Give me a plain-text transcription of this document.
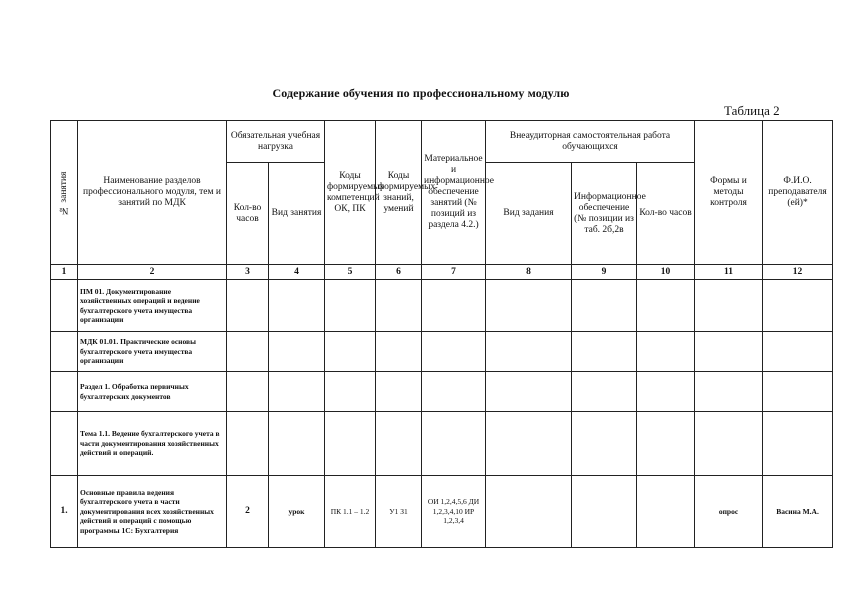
Содержание обучения по профессиональному модулю
Таблица 2
№ занятия	Наименование разделов профессионального модуля, тем и занятий по МДК	Обязательная учебная нагрузка		Коды формируемых компетенций ОК, ПК	Коды формируемых знаний, умений	Материальное и информационное обеспечение занятий (№ позиций из раздела 4.2.)	Внеаудиторная самостоятельная работа обучающихся			Формы и методы контроля	Ф.И.О. преподавателя (ей)*
		Кол-во часов	Вид занятия				Вид задания	Информационное обеспечение (№ позиции из таб. 2б,2в	Кол-во часов		
1	2	3	4	5	6	7	8	9	10	11	12
	ПМ 01. Документирование хозяйственных операций и ведение бухгалтерского учета имущества организации										
	МДК 01.01. Практические основы бухгалтерского учета имущества организации										
	Раздел 1. Обработка первичных бухгалтерских документов										
	Тема 1.1. Ведение бухгалтерского учета в части документирования хозяйственных действий и операций.										
1.	Основные правила ведения бухгалтерского учета в части документирования всех хозяйственных действий и операций с помощью программы 1С: Бухгалтерия	2	урок	ПК 1.1 – 1.2	У1 З1	ОИ 1,2,4,5,6 ДИ 1,2,3,4,10 ИР 1,2,3,4				опрос	Васина М.А.
